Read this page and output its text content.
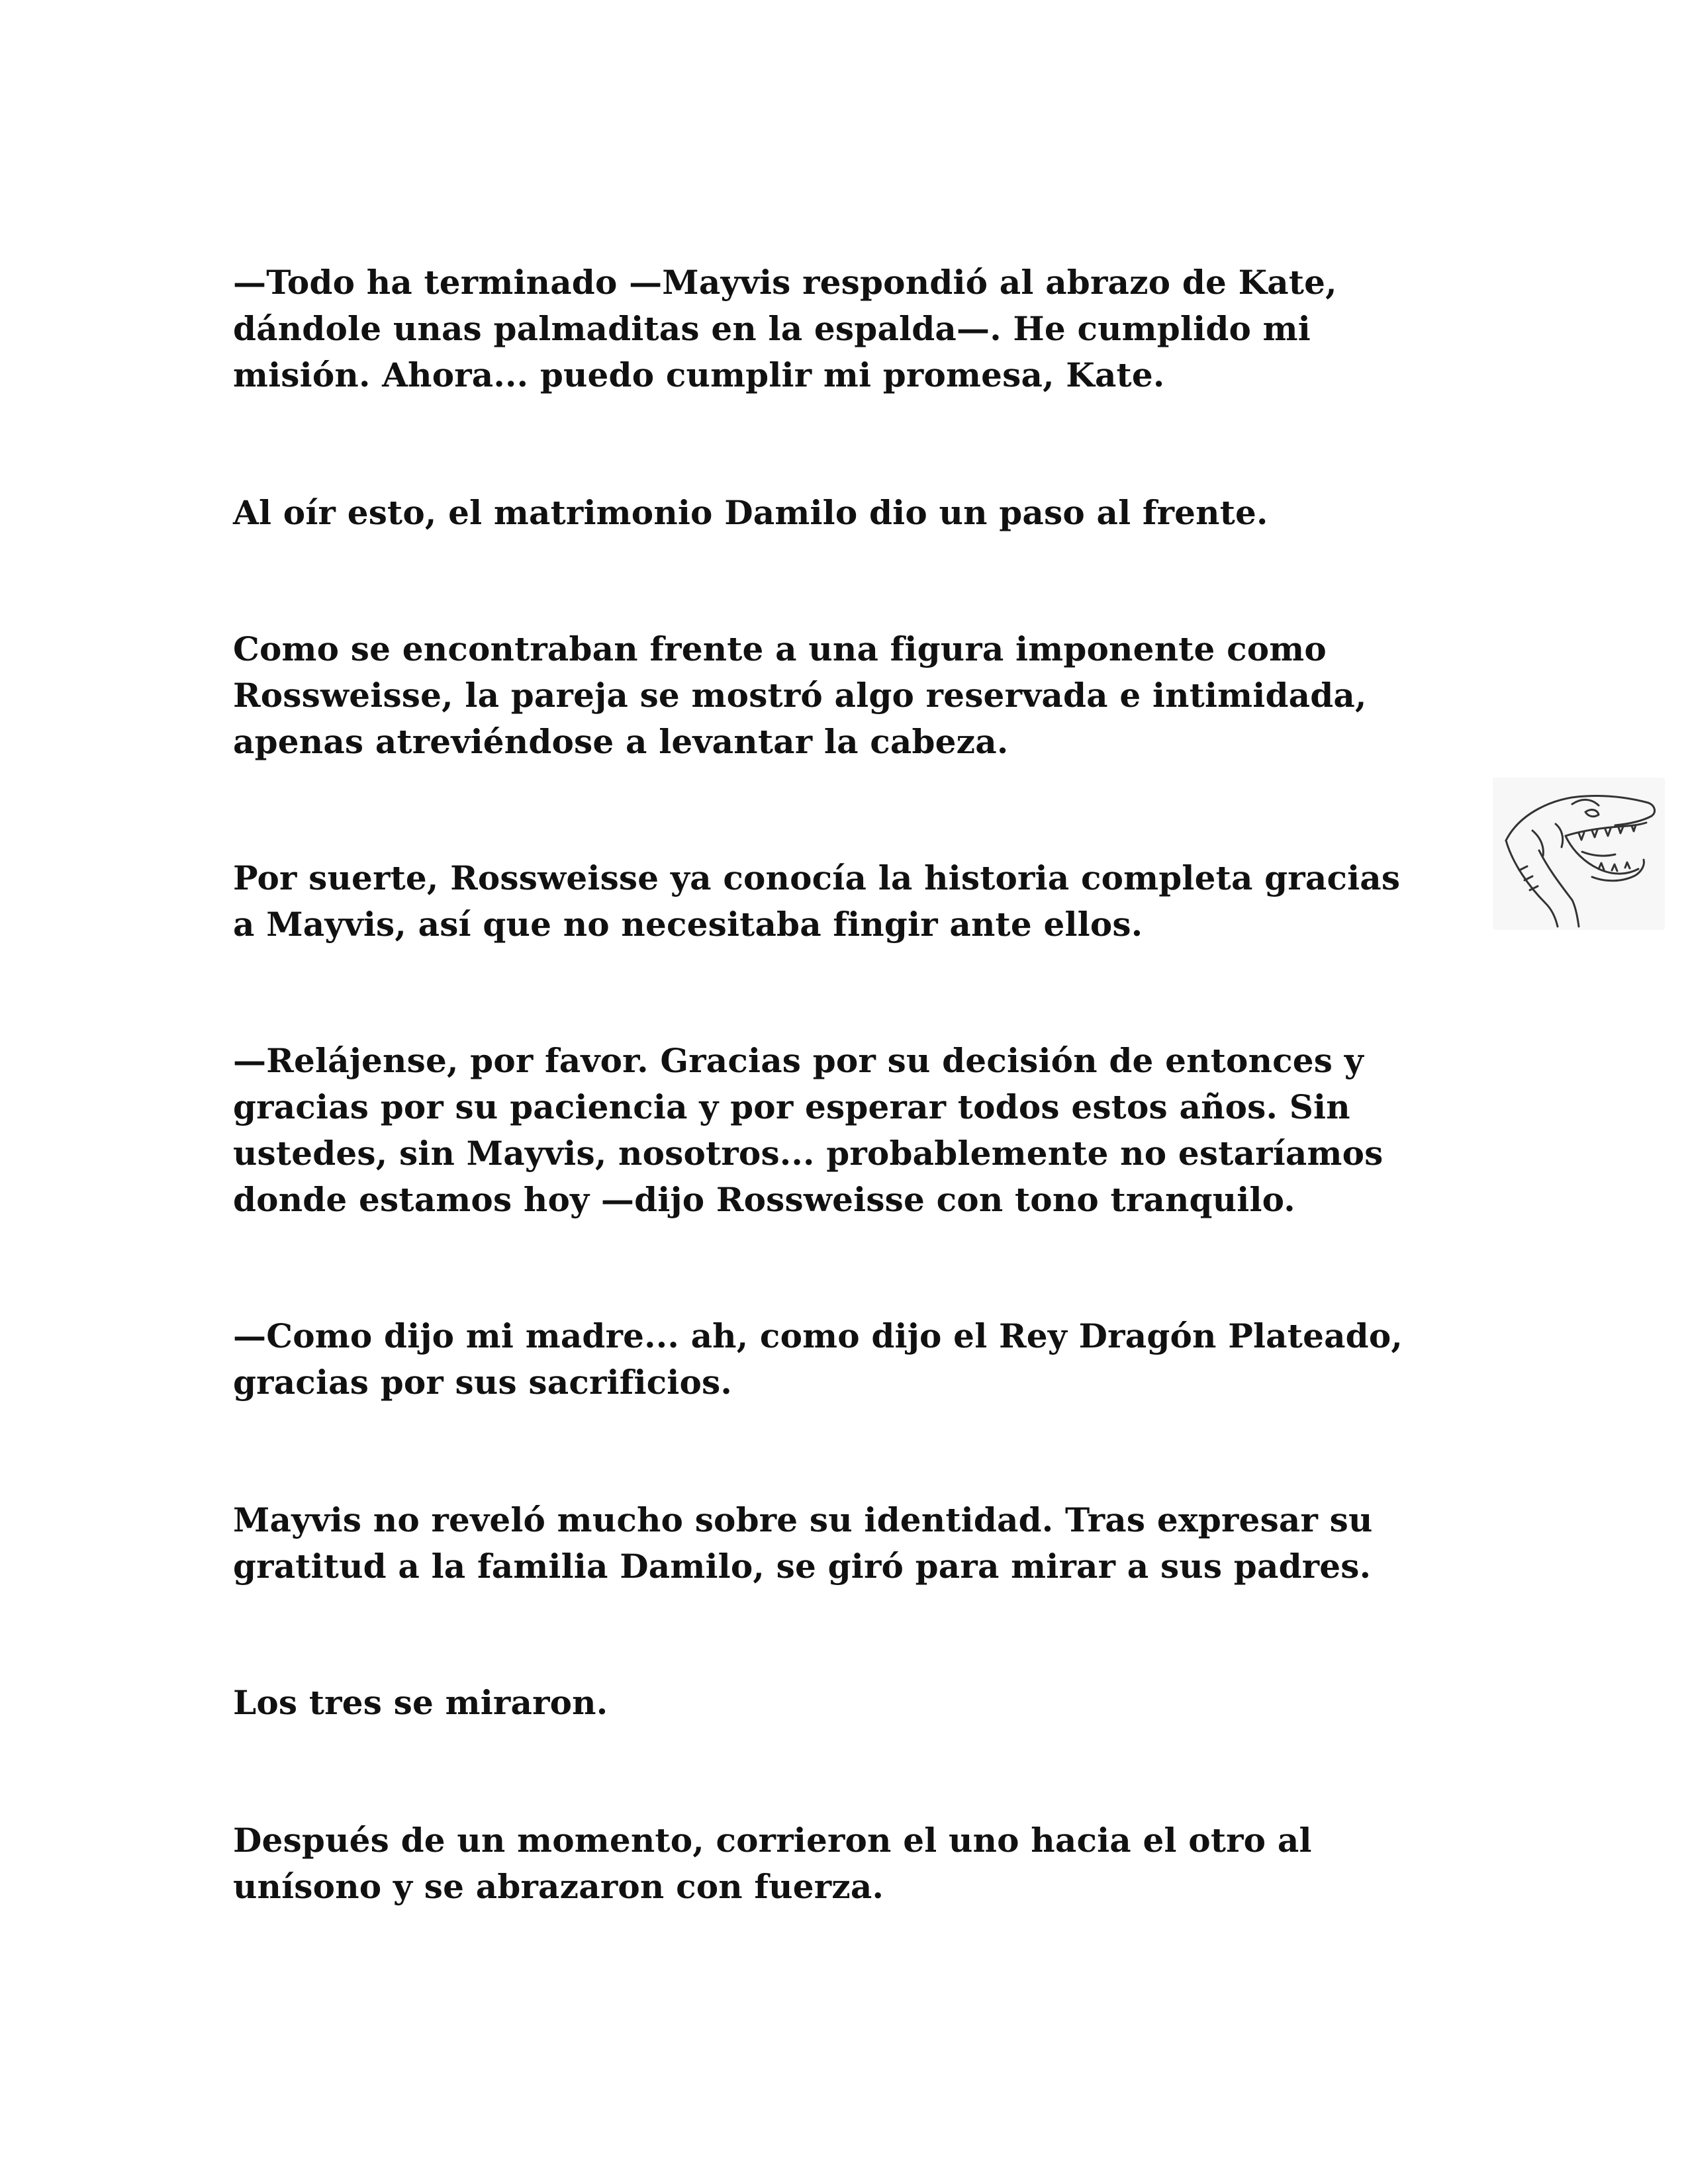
—Todo ha terminado —Mayvis respondió al abrazo de Kate,
dándole unas palmaditas en la espalda—. He cumplido mi
misión. Ahora... puedo cumplir mi promesa, Kate.

Al oír esto, el matrimonio Damilo dio un paso al frente.

Como se encontraban frente a una figura imponente como
Rossweisse, la pareja se mostró algo reservada e intimidada,
apenas atreviéndose a levantar la cabeza.

Por suerte, Rossweisse ya conocía la historia completa gracias
a Mayvis, así que no necesitaba fingir ante ellos.

—Relájense, por favor. Gracias por su decisión de entonces y
gracias por su paciencia y por esperar todos estos años. Sin
ustedes, sin Mayvis, nosotros... probablemente no estaríamos
donde estamos hoy —dijo Rossweisse con tono tranquilo.

—Como dijo mi madre... ah, como dijo el Rey Dragón Plateado,
gracias por sus sacrificios.

Mayvis no reveló mucho sobre su identidad. Tras expresar su
gratitud a la familia Damilo, se giró para mirar a sus padres.

Los tres se miraron.

Después de un momento, corrieron el uno hacia el otro al
unísono y se abrazaron con fuerza.
